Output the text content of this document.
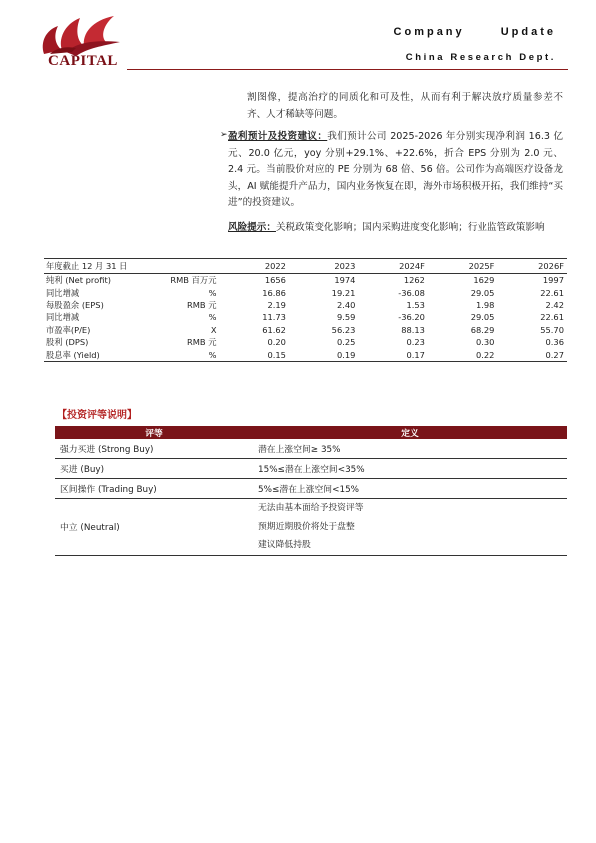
CAPITAL
Company Update
China Research Dept.
割图像，提高治疗的同质化和可及性，从而有利于解决放疗质量参差不齐、人才稀缺等问题。
➢ 盈利预计及投资建议：我们预计公司 2025-2026 年分别实现净利润 16.3 亿元、20.0 亿元，yoy 分别+29.1%、+22.6%，折合 EPS 分别为 2.0 元、2.4 元。当前股价对应的 PE 分别为 68 倍、56 倍。公司作为高端医疗设备龙头，AI 赋能提升产品力，国内业务恢复在即，海外市场积极开拓，我们维持“买进”的投资建议。
风险提示：关税政策变化影响；国内采购进度变化影响；行业监管政策影响
年度截止 12 月 31 日		2022	2023	2024F	2025F	2026F
纯利 (Net profit)	RMB 百万元	1656	1974	1262	1629	1997
同比增减	%	16.86	19.21	-36.08	29.05	22.61
每股盈余 (EPS)	RMB 元	2.19	2.40	1.53	1.98	2.42
同比增减	%	11.73	9.59	-36.20	29.05	22.61
市盈率(P/E)	X	61.62	56.23	88.13	68.29	55.70
股利 (DPS)	RMB 元	0.20	0.25	0.23	0.30	0.36
股息率 (Yield)	%	0.15	0.19	0.17	0.22	0.27
【投资评等说明】
评等	定义
强力买进 (Strong Buy)	潜在上涨空间≥ 35%
买进 (Buy)	15%≤潜在上涨空间<35%
区间操作 (Trading Buy)	5%≤潜在上涨空间<15%
中立 (Neutral)	无法由基本面给予投资评等
预期近期股价将处于盘整
建议降低持股
